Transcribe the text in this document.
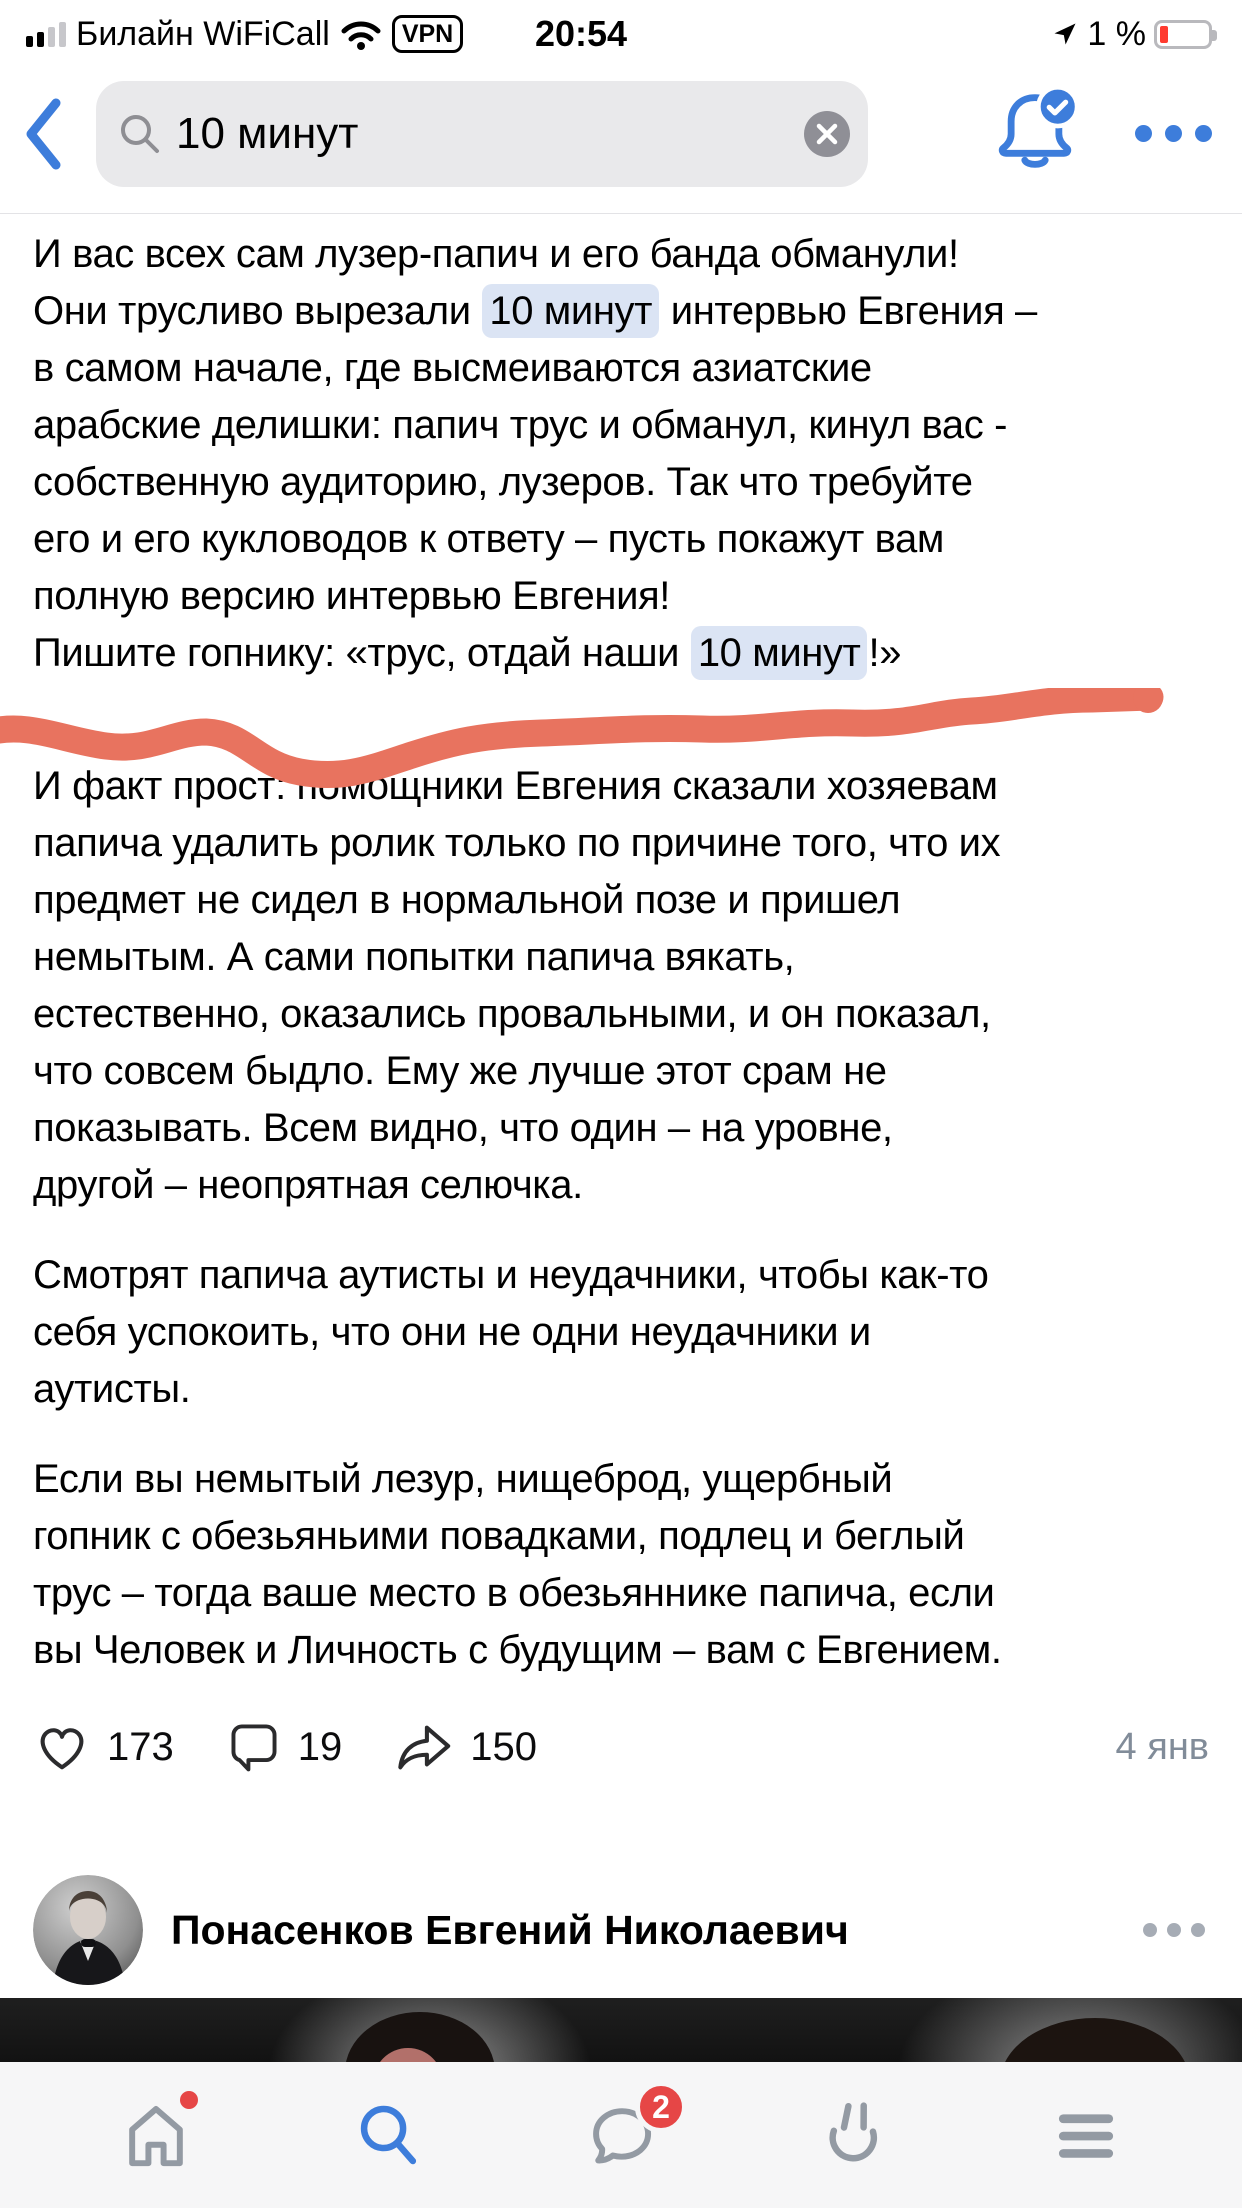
Билайн WiFiCall	VPN 20:54	1 %
10 минут
И вас всех сам лузер-папич и его банда обманули!
Они трусливо вырезали 10 минут интервью Евгения –
в самом начале, где высмеиваются азиатские
арабские делишки: папич трус и обманул, кинул вас -
собственную аудиторию, лузеров. Так что требуйте
его и его кукловодов к ответу – пусть покажут вам
полную версию интервью Евгения!
Пишите гопнику: «трус, отдай наши 10 минут !»
И факт прост: помощники Евгения сказали хозяевам
папича удалить ролик только по причине того, что их
предмет не сидел в нормальной позе и пришел
немытым. А сами попытки папича вякать,
естественно, оказались провальными, и он показал,
что совсем быдло. Ему же лучше этот срам не
показывать. Всем видно, что один – на уровне,
другой – неопрятная селючка.
Смотрят папича аутисты и неудачники, чтобы как-то
себя успокоить, что они не одни неудачники и
аутисты.
Если вы немытый лезур, нищеброд, ущербный
гопник с обезьяньими повадками, подлец и беглый
трус – тогда ваше место в обезьяннике папича, если
вы Человек и Личность с будущим – вам с Евгением.
173	19	150	4 янв
Понасенков Евгений Николаевич
2
